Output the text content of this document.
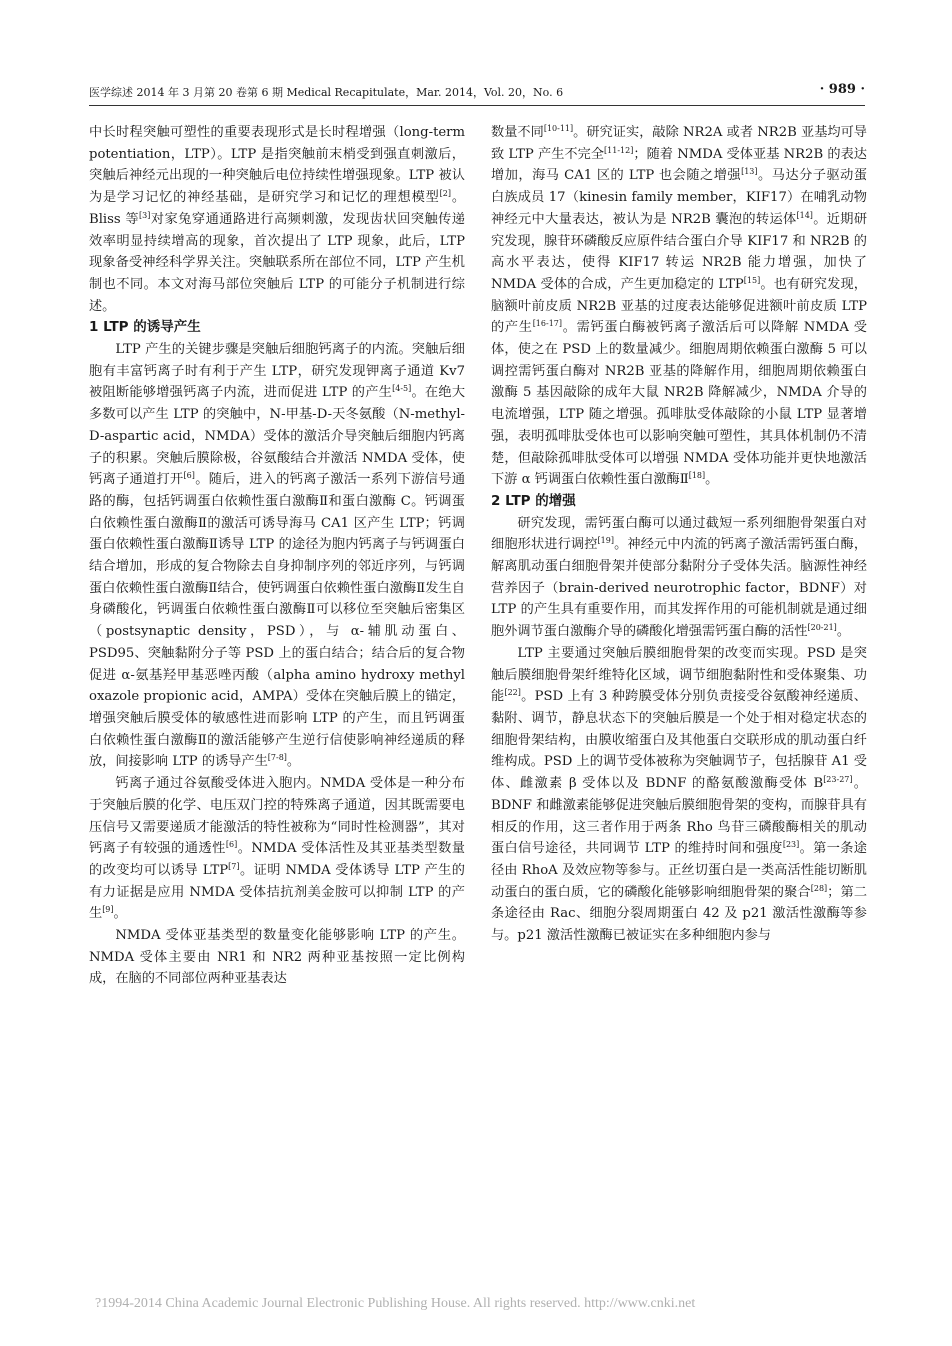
医学综述 2014 年 3 月第 20 卷第 6 期 Medical Recapitulate，Mar. 2014，Vol. 20，No. 6	· 989 ·

中长时程突触可塑性的重要表现形式是长时程增强（long-term potentiation，LTP）。LTP 是指突触前末梢受到强直刺激后，突触后神经元出现的一种突触后电位持续性增强现象。LTP 被认为是学习记忆的神经基础，是研究学习和记忆的理想模型[2]。Bliss 等[3]对家兔穿通通路进行高频刺激，发现齿状回突触传递效率明显持续增高的现象，首次提出了 LTP 现象，此后，LTP 现象备受神经科学界关注。突触联系所在部位不同，LTP 产生机制也不同。本文对海马部位突触后 LTP 的可能分子机制进行综述。

1 LTP 的诱导产生

LTP 产生的关键步骤是突触后细胞钙离子的内流。突触后细胞有丰富钙离子时有利于产生 LTP，研究发现钾离子通道 Kv7 被阻断能够增强钙离子内流，进而促进 LTP 的产生[4-5]。在绝大多数可以产生 LTP 的突触中，N-甲基-D-天冬氨酸（N-methyl-D-aspartic acid，NMDA）受体的激活介导突触后细胞内钙离子的积累。突触后膜除极，谷氨酸结合并激活 NMDA 受体，使钙离子通道打开[6]。随后，进入的钙离子激活一系列下游信号通路的酶，包括钙调蛋白依赖性蛋白激酶Ⅱ和蛋白激酶 C。钙调蛋白依赖性蛋白激酶Ⅱ的激活可诱导海马 CA1 区产生 LTP；钙调蛋白依赖性蛋白激酶Ⅱ诱导 LTP 的途径为胞内钙离子与钙调蛋白结合增加，形成的复合物除去自身抑制序列的邻近序列，与钙调蛋白依赖性蛋白激酶Ⅱ结合，使钙调蛋白依赖性蛋白激酶Ⅱ发生自身磷酸化，钙调蛋白依赖性蛋白激酶Ⅱ可以移位至突触后密集区（postsynaptic density，PSD），与 α-辅肌动蛋白、PSD95、突触黏附分子等 PSD 上的蛋白结合；结合后的复合物促进 α-氨基羟甲基恶唑丙酸（alpha amino hydroxy methyl oxazole propionic acid，AMPA）受体在突触后膜上的锚定，增强突触后膜受体的敏感性进而影响 LTP 的产生，而且钙调蛋白依赖性蛋白激酶Ⅱ的激活能够产生逆行信使影响神经递质的释放，间接影响 LTP 的诱导产生[7-8]。

钙离子通过谷氨酸受体进入胞内。NMDA 受体是一种分布于突触后膜的化学、电压双门控的特殊离子通道，因其既需要电压信号又需要递质才能激活的特性被称为“同时性检测器”，其对钙离子有较强的通透性[6]。NMDA 受体活性及其亚基类型数量的改变均可以诱导 LTP[7]。证明 NMDA 受体诱导 LTP 产生的有力证据是应用 NMDA 受体拮抗剂美金胺可以抑制 LTP 的产生[9]。

NMDA 受体亚基类型的数量变化能够影响 LTP 的产生。NMDA 受体主要由 NR1 和 NR2 两种亚基按照一定比例构成，在脑的不同部位两种亚基表达

数量不同[10-11]。研究证实，敲除 NR2A 或者 NR2B 亚基均可导致 LTP 产生不完全[11-12]；随着 NMDA 受体亚基 NR2B 的表达增加，海马 CA1 区的 LTP 也会随之增强[13]。马达分子驱动蛋白族成员 17（kinesin family member，KIF17）在哺乳动物神经元中大量表达，被认为是 NR2B 囊泡的转运体[14]。近期研究发现，腺苷环磷酸反应原件结合蛋白介导 KIF17 和 NR2B 的高水平表达，使得 KIF17 转运 NR2B 能力增强，加快了 NMDA 受体的合成，产生更加稳定的 LTP[15]。也有研究发现，脑额叶前皮质 NR2B 亚基的过度表达能够促进额叶前皮质 LTP 的产生[16-17]。需钙蛋白酶被钙离子激活后可以降解 NMDA 受体，使之在 PSD 上的数量减少。细胞周期依赖蛋白激酶 5 可以调控需钙蛋白酶对 NR2B 亚基的降解作用，细胞周期依赖蛋白激酶 5 基因敲除的成年大鼠 NR2B 降解减少，NMDA 介导的电流增强，LTP 随之增强。孤啡肽受体敲除的小鼠 LTP 显著增强，表明孤啡肽受体也可以影响突触可塑性，其具体机制仍不清楚，但敲除孤啡肽受体可以增强 NMDA 受体功能并更快地激活下游 α 钙调蛋白依赖性蛋白激酶Ⅱ[18]。

2 LTP 的增强

研究发现，需钙蛋白酶可以通过截短一系列细胞骨架蛋白对细胞形状进行调控[19]。神经元中内流的钙离子激活需钙蛋白酶，解离肌动蛋白细胞骨架并使部分黏附分子受体失活。脑源性神经营养因子（brain-derived neurotrophic factor，BDNF）对 LTP 的产生具有重要作用，而其发挥作用的可能机制就是通过细胞外调节蛋白激酶介导的磷酸化增强需钙蛋白酶的活性[20-21]。

LTP 主要通过突触后膜细胞骨架的改变而实现。PSD 是突触后膜细胞骨架纤维特化区域，调节细胞黏附性和受体聚集、功能[22]。PSD 上有 3 种跨膜受体分别负责接受谷氨酸神经递质、黏附、调节，静息状态下的突触后膜是一个处于相对稳定状态的细胞骨架结构，由膜收缩蛋白及其他蛋白交联形成的肌动蛋白纤维构成。PSD 上的调节受体被称为突触调节子，包括腺苷 A1 受体、雌激素 β 受体以及 BDNF 的酪氨酸激酶受体 B[23-27]。BDNF 和雌激素能够促进突触后膜细胞骨架的变构，而腺苷具有相反的作用，这三者作用于两条 Rho 鸟苷三磷酸酶相关的肌动蛋白信号途径，共同调节 LTP 的维持时间和强度[23]。第一条途径由 RhoA 及效应物等参与。正丝切蛋白是一类高活性能切断肌动蛋白的蛋白质，它的磷酸化能够影响细胞骨架的聚合[28]；第二条途径由 Rac、细胞分裂周期蛋白 42 及 p21 激活性激酶等参与。p21 激活性激酶已被证实在多种细胞内参与

?1994-2014 China Academic Journal Electronic Publishing House. All rights reserved. http://www.cnki.net
